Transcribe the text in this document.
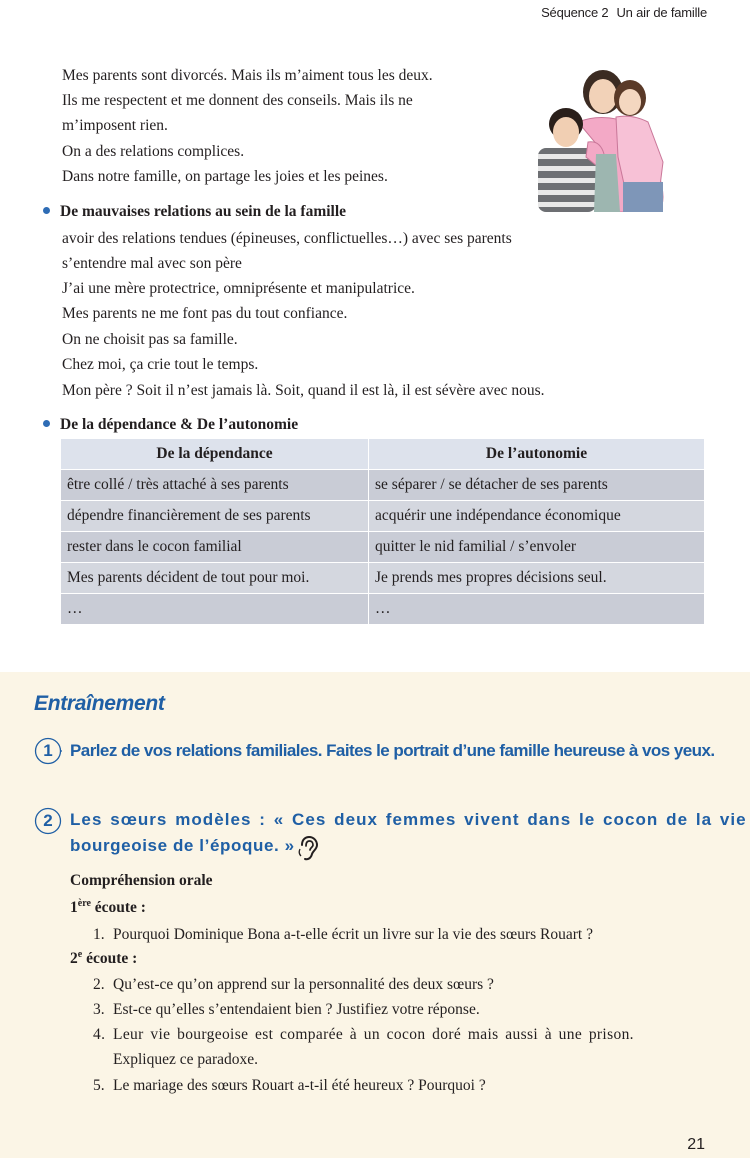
Séquence 2 Un air de famille
Mes parents sont divorcés. Mais ils m’aiment tous les deux.
Ils me respectent et me donnent des conseils. Mais ils ne
m’imposent rien.
On a des relations complices.
Dans notre famille, on partage les joies et les peines.
De mauvaises relations au sein de la famille
avoir des relations tendues (épineuses, conflictuelles…) avec ses parents
s’entendre mal avec son père
J’ai une mère protectrice, omniprésente et manipulatrice.
Mes parents ne me font pas du tout confiance.
On ne choisit pas sa famille.
Chez moi, ça crie tout le temps.
Mon père ? Soit il n’est jamais là. Soit, quand il est là, il est sévère avec nous.
De la dépendance & De l’autonomie
De la dépendance	De l’autonomie
être collé / très attaché à ses parents	se séparer / se détacher de ses parents
dépendre financièrement de ses parents	acquérir une indépendance économique
rester dans le cocon familial	quitter le nid familial / s’envoler
Mes parents décident de tout pour moi.	Je prends mes propres décisions seul.
…	…
Entraînement
1 Parlez de vos relations familiales. Faites le portrait d’une famille heureuse à vos yeux.
2 Les sœurs modèles : « Ces deux femmes vivent dans le cocon de la vie
bourgeoise de l’époque. »
Compréhension orale
1ère écoute :
1. Pourquoi Dominique Bona a-t-elle écrit un livre sur la vie des sœurs Rouart ?
2e écoute :
2. Qu’est-ce qu’on apprend sur la personnalité des deux sœurs ?
3. Est-ce qu’elles s’entendaient bien ? Justifiez votre réponse.
4. Leur vie bourgeoise est comparée à un cocon doré mais aussi à une prison.
Expliquez ce paradoxe.
5. Le mariage des sœurs Rouart a-t-il été heureux ? Pourquoi ?
21
